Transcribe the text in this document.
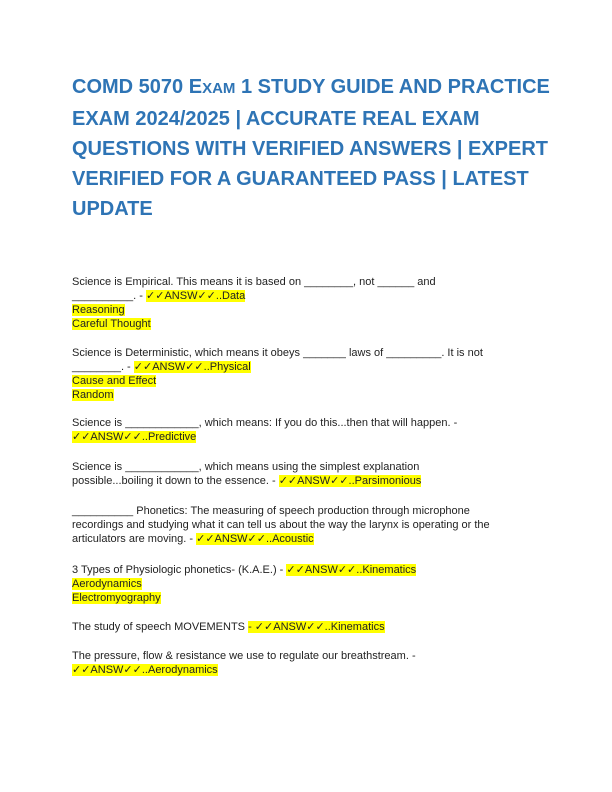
COMD 5070 EXAM 1 STUDY GUIDE AND PRACTICE EXAM 2024/2025 | ACCURATE REAL EXAM QUESTIONS WITH VERIFIED ANSWERS | EXPERT VERIFIED FOR A GUARANTEED PASS | LATEST UPDATE

Science is Empirical. This means it is based on ________, not ______ and
__________. - ✓✓ANSW✓✓..Data
Reasoning
Careful Thought

Science is Deterministic, which means it obeys _______ laws of _________. It is not
________. - ✓✓ANSW✓✓..Physical
Cause and Effect
Random

Science is ____________, which means: If you do this...then that will happen. -
✓✓ANSW✓✓..Predictive

Science is ____________, which means using the simplest explanation
possible...boiling it down to the essence. - ✓✓ANSW✓✓..Parsimonious

__________ Phonetics: The measuring of speech production through microphone
recordings and studying what it can tell us about the way the larynx is operating or the
articulators are moving. - ✓✓ANSW✓✓..Acoustic

3 Types of Physiologic phonetics- (K.A.E.) - ✓✓ANSW✓✓..Kinematics
Aerodynamics
Electromyography

The study of speech MOVEMENTS - ✓✓ANSW✓✓..Kinematics

The pressure, flow & resistance we use to regulate our breathstream. -
✓✓ANSW✓✓..Aerodynamics
